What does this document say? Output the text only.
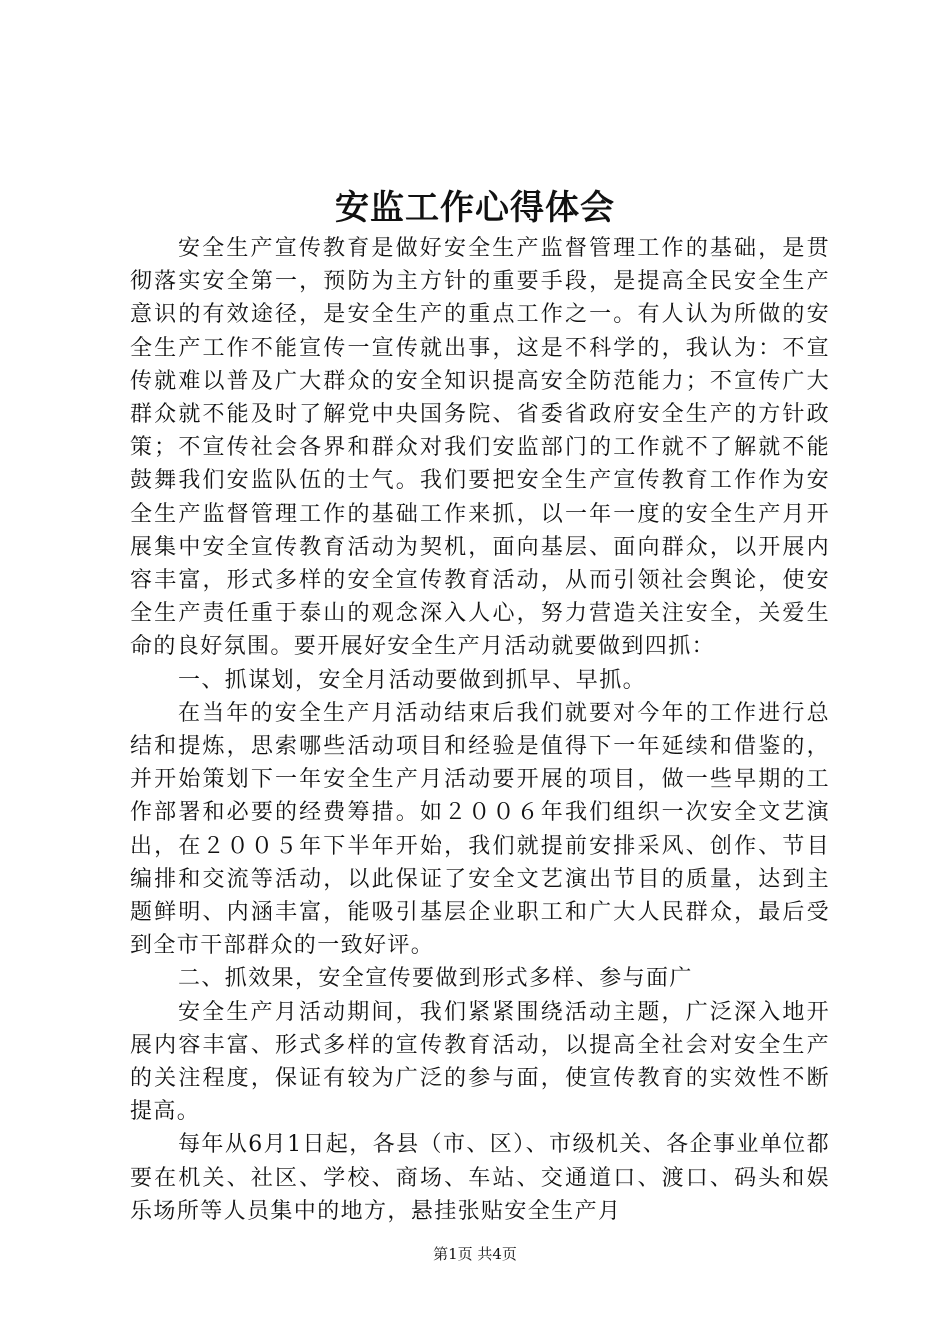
安监工作心得体会

安全生产宣传教育是做好安全生产监督管理工作的基础，是贯彻落实安全第一，预防为主方针的重要手段，是提高全民安全生产意识的有效途径，是安全生产的重点工作之一。有人认为所做的安全生产工作不能宣传一宣传就出事，这是不科学的，我认为：不宣传就难以普及广大群众的安全知识提高安全防范能力；不宣传广大群众就不能及时了解党中央国务院、省委省政府安全生产的方针政策；不宣传社会各界和群众对我们安监部门的工作就不了解就不能鼓舞我们安监队伍的士气。我们要把安全生产宣传教育工作作为安全生产监督管理工作的基础工作来抓，以一年一度的安全生产月开展集中安全宣传教育活动为契机，面向基层、面向群众，以开展内容丰富，形式多样的安全宣传教育活动，从而引领社会舆论，使安全生产责任重于泰山的观念深入人心，努力营造关注安全，关爱生命的良好氛围。要开展好安全生产月活动就要做到四抓：

一、抓谋划，安全月活动要做到抓早、早抓。

在当年的安全生产月活动结束后我们就要对今年的工作进行总结和提炼，思索哪些活动项目和经验是值得下一年延续和借鉴的，并开始策划下一年安全生产月活动要开展的项目，做一些早期的工作部署和必要的经费筹措。如２００６年我们组织一次安全文艺演出，在２００５年下半年开始，我们就提前安排采风、创作、节目编排和交流等活动，以此保证了安全文艺演出节目的质量，达到主题鲜明、内涵丰富，能吸引基层企业职工和广大人民群众，最后受到全市干部群众的一致好评。

二、抓效果，安全宣传要做到形式多样、参与面广

安全生产月活动期间，我们紧紧围绕活动主题，广泛深入地开展内容丰富、形式多样的宣传教育活动，以提高全社会对安全生产的关注程度，保证有较为广泛的参与面，使宣传教育的实效性不断提高。

每年从6月1日起，各县（市、区）、市级机关、各企事业单位都要在机关、社区、学校、商场、车站、交通道口、渡口、码头和娱乐场所等人员集中的地方，悬挂张贴安全生产月

第1页 共4页
